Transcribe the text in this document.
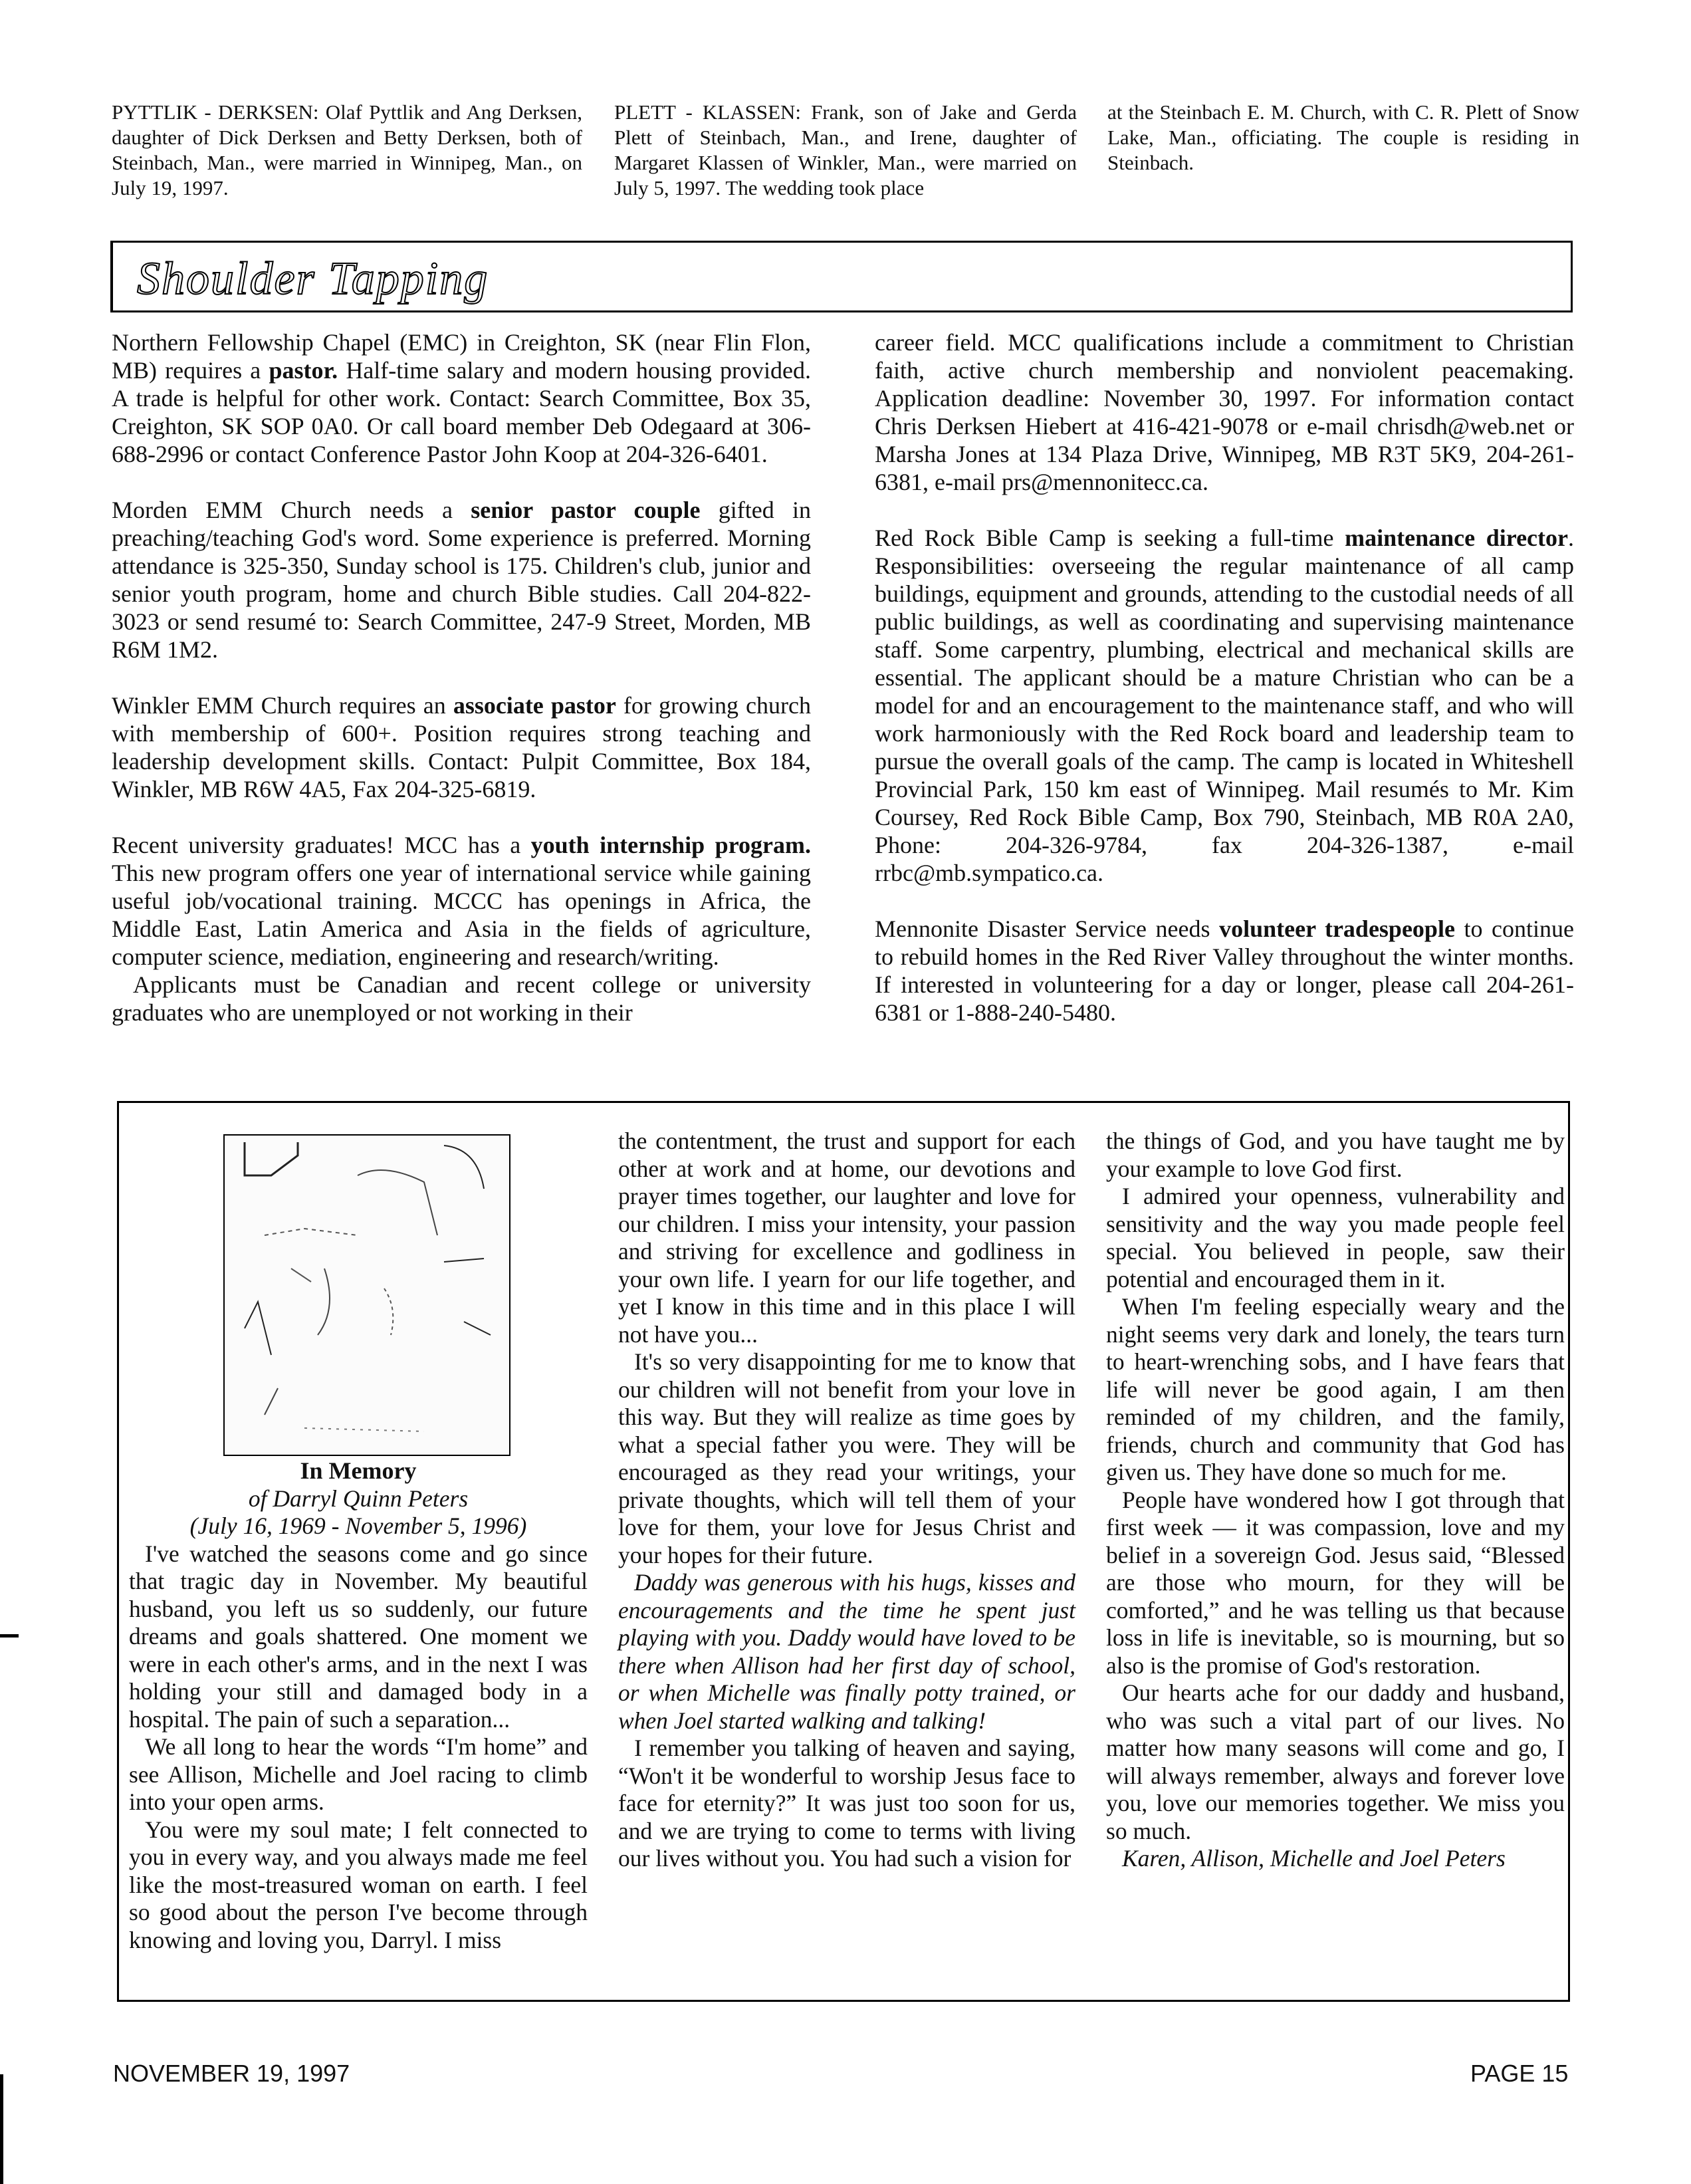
PYTTLIK - DERKSEN: Olaf Pyttlik and Ang Derksen, daughter of Dick Derksen and Betty Derksen, both of Steinbach, Man., were married in Winnipeg, Man., on July 19, 1997.

PLETT - KLASSEN: Frank, son of Jake and Gerda Plett of Steinbach, Man., and Irene, daughter of Margaret Klassen of Winkler, Man., were married on July 5, 1997. The wedding took place

at the Steinbach E. M. Church, with C. R. Plett of Snow Lake, Man., officiating. The couple is residing in Steinbach.

Shoulder Tapping

Northern Fellowship Chapel (EMC) in Creighton, SK (near Flin Flon, MB) requires a pastor. Half-time salary and modern housing provided. A trade is helpful for other work. Contact: Search Committee, Box 35, Creighton, SK SOP 0A0. Or call board member Deb Odegaard at 306-688-2996 or contact Conference Pastor John Koop at 204-326-6401.

Morden EMM Church needs a senior pastor couple gifted in preaching/teaching God's word. Some experience is preferred. Morning attendance is 325-350, Sunday school is 175. Children's club, junior and senior youth program, home and church Bible studies. Call 204-822-3023 or send resumé to: Search Committee, 247-9 Street, Morden, MB R6M 1M2.

Winkler EMM Church requires an associate pastor for growing church with membership of 600+. Position requires strong teaching and leadership development skills. Contact: Pulpit Committee, Box 184, Winkler, MB R6W 4A5, Fax 204-325-6819.

Recent university graduates! MCC has a youth internship program. This new program offers one year of international service while gaining useful job/vocational training. MCCC has openings in Africa, the Middle East, Latin America and Asia in the fields of agriculture, computer science, mediation, engineering and research/writing.

Applicants must be Canadian and recent college or university graduates who are unemployed or not working in their

career field. MCC qualifications include a commitment to Christian faith, active church membership and nonviolent peacemaking. Application deadline: November 30, 1997. For information contact Chris Derksen Hiebert at 416-421-9078 or e-mail chrisdh@web.net or Marsha Jones at 134 Plaza Drive, Winnipeg, MB R3T 5K9, 204-261-6381, e-mail prs@mennonitecc.ca.

Red Rock Bible Camp is seeking a full-time maintenance director. Responsibilities: overseeing the regular maintenance of all camp buildings, equipment and grounds, attending to the custodial needs of all public buildings, as well as coordinating and supervising maintenance staff. Some carpentry, plumbing, electrical and mechanical skills are essential. The applicant should be a mature Christian who can be a model for and an encouragement to the maintenance staff, and who will work harmoniously with the Red Rock board and leadership team to pursue the overall goals of the camp. The camp is located in Whiteshell Provincial Park, 150 km east of Winnipeg. Mail resumés to Mr. Kim Coursey, Red Rock Bible Camp, Box 790, Steinbach, MB R0A 2A0, Phone: 204-326-9784, fax 204-326-1387, e-mail rrbc@mb.sympatico.ca.

Mennonite Disaster Service needs volunteer tradespeople to continue to rebuild homes in the Red River Valley throughout the winter months. If interested in volunteering for a day or longer, please call 204-261-6381 or 1-888-240-5480.

In Memory
of Darryl Quinn Peters
(July 16, 1969 - November 5, 1996)

I've watched the seasons come and go since that tragic day in November. My beautiful husband, you left us so suddenly, our future dreams and goals shattered. One moment we were in each other's arms, and in the next I was holding your still and damaged body in a hospital. The pain of such a separation...

We all long to hear the words “I'm home” and see Allison, Michelle and Joel racing to climb into your open arms.

You were my soul mate; I felt connected to you in every way, and you always made me feel like the most-treasured woman on earth. I feel so good about the person I've become through knowing and loving you, Darryl. I miss

the contentment, the trust and support for each other at work and at home, our devotions and prayer times together, our laughter and love for our children. I miss your intensity, your passion and striving for excellence and godliness in your own life. I yearn for our life together, and yet I know in this time and in this place I will not have you...

It's so very disappointing for me to know that our children will not benefit from your love in this way. But they will realize as time goes by what a special father you were. They will be encouraged as they read your writings, your private thoughts, which will tell them of your love for them, your love for Jesus Christ and your hopes for their future.

Daddy was generous with his hugs, kisses and encouragements and the time he spent just playing with you. Daddy would have loved to be there when Allison had her first day of school, or when Michelle was finally potty trained, or when Joel started walking and talking!

I remember you talking of heaven and saying, “Won't it be wonderful to worship Jesus face to face for eternity?” It was just too soon for us, and we are trying to come to terms with living our lives without you. You had such a vision for

the things of God, and you have taught me by your example to love God first.

I admired your openness, vulnerability and sensitivity and the way you made people feel special. You believed in people, saw their potential and encouraged them in it.

When I'm feeling especially weary and the night seems very dark and lonely, the tears turn to heart-wrenching sobs, and I have fears that life will never be good again, I am then reminded of my children, and the family, friends, church and community that God has given us. They have done so much for me.

People have wondered how I got through that first week — it was compassion, love and my belief in a sovereign God. Jesus said, “Blessed are those who mourn, for they will be comforted,” and he was telling us that because loss in life is inevitable, so is mourning, but so also is the promise of God's restoration.

Our hearts ache for our daddy and husband, who was such a vital part of our lives. No matter how many seasons will come and go, I will always remember, always and forever love you, love our memories together. We miss you so much.

Karen, Allison, Michelle and Joel Peters

NOVEMBER 19, 1997	PAGE 15
